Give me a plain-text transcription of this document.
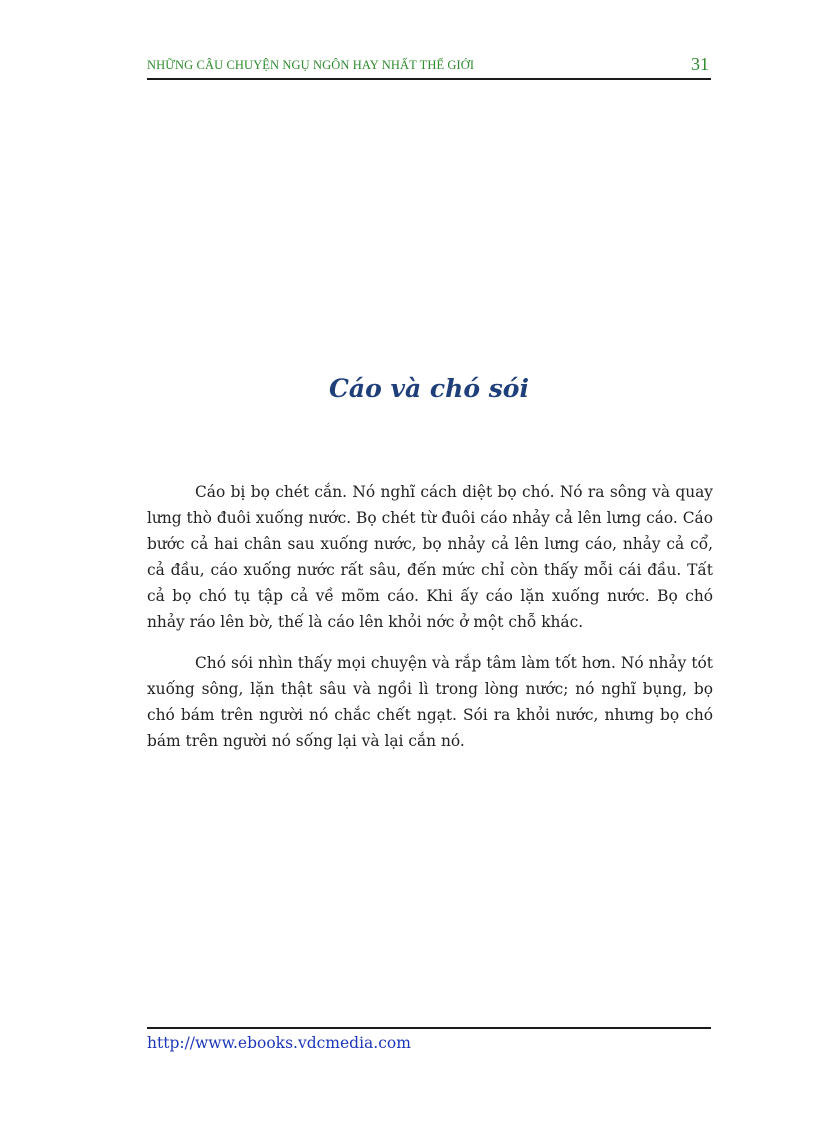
NHỮNG CÂU CHUYỆN NGỤ NGÔN HAY NHẤT THẾ GIỚI	31
Cáo và chó sói

Cáo bị bọ chét cắn. Nó nghĩ cách diệt bọ chó. Nó ra sông và quay lưng thò đuôi xuống nước. Bọ chét từ đuôi cáo nhảy cả lên lưng cáo. Cáo bước cả hai chân sau xuống nước, bọ nhảy cả lên lưng cáo, nhảy cả cổ, cả đầu, cáo xuống nước rất sâu, đến mức chỉ còn thấy mỗi cái đầu. Tất cả bọ chó tụ tập cả về mõm cáo. Khi ấy cáo lặn xuống nước. Bọ chó nhảy ráo lên bờ, thế là cáo lên khỏi nớc ở một chỗ khác.

Chó sói nhìn thấy mọi chuyện và rắp tâm làm tốt hơn. Nó nhảy tót xuống sông, lặn thật sâu và ngồi lì trong lòng nước; nó nghĩ bụng, bọ chó bám trên người nó chắc chết ngạt. Sói ra khỏi nước, nhưng bọ chó bám trên người nó sống lại và lại cắn nó.

http://www.ebooks.vdcmedia.com
